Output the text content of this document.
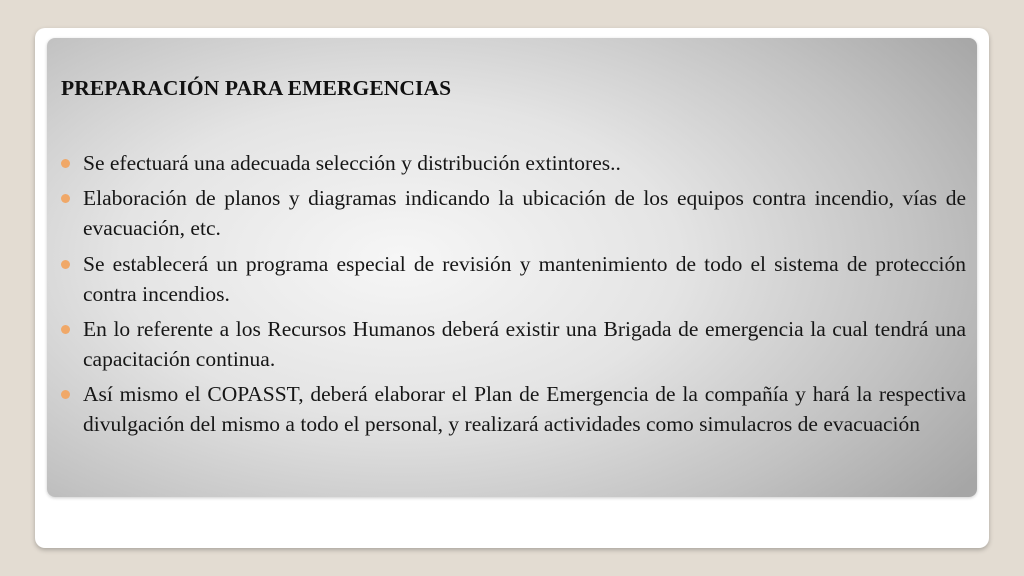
PREPARACIÓN PARA EMERGENCIAS
Se efectuará una adecuada selección y distribución extintores..
Elaboración de planos y diagramas indicando la ubicación de los equipos contra incendio, vías de evacuación, etc.
Se establecerá un programa especial de revisión y mantenimiento de todo el sistema de protección contra incendios.
En lo referente a los Recursos Humanos deberá existir una Brigada de emergencia la cual tendrá una capacitación continua.
Así mismo el COPASST, deberá elaborar el Plan de Emergencia de la compañía y hará la respectiva divulgación del mismo a todo el personal, y realizará actividades como simulacros de evacuación
